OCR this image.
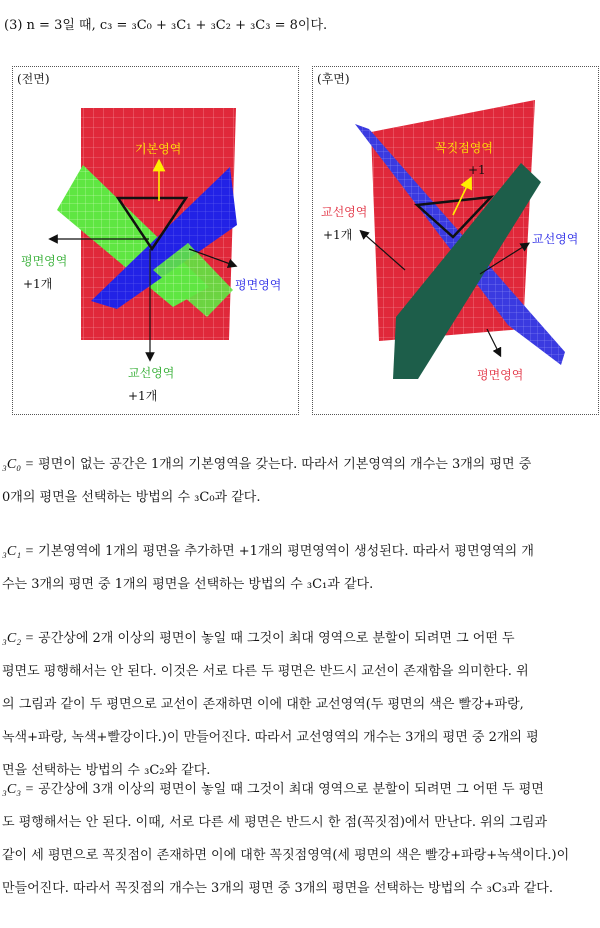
(3) n = 3일 때, c₃ = ₃C₀ + ₃C₁ + ₃C₂ + ₃C₃ = 8이다.
(전면)
기본영역
평면영역
+1개	평면영역
교선영역
+1개
(후면)
꼭짓점영역
+1
교선영역
+1개	교선영역
평면영역
₃C₀ = 평면이 없는 공간은 1개의 기본영역을 갖는다. 따라서 기본영역의 개수는 3개의 평면 중
0개의 평면을 선택하는 방법의 수 ₃C₀과 같다.
₃C₁ = 기본영역에 1개의 평면을 추가하면 +1개의 평면영역이 생성된다. 따라서 평면영역의 개
수는 3개의 평면 중 1개의 평면을 선택하는 방법의 수 ₃C₁과 같다.
₃C₂ = 공간상에 2개 이상의 평면이 놓일 때 그것이 최대 영역으로 분할이 되려면 그 어떤 두
평면도 평행해서는 안 된다. 이것은 서로 다른 두 평면은 반드시 교선이 존재함을 의미한다. 위
의 그림과 같이 두 평면으로 교선이 존재하면 이에 대한 교선영역(두 평면의 색은 빨강+파랑,
녹색+파랑, 녹색+빨강이다.)이 만들어진다. 따라서 교선영역의 개수는 3개의 평면 중 2개의 평
면을 선택하는 방법의 수 ₃C₂와 같다.
₃C₃ = 공간상에 3개 이상의 평면이 놓일 때 그것이 최대 영역으로 분할이 되려면 그 어떤 두 평면
도 평행해서는 안 된다. 이때, 서로 다른 세 평면은 반드시 한 점(꼭짓점)에서 만난다. 위의 그림과
같이 세 평면으로 꼭짓점이 존재하면 이에 대한 꼭짓점영역(세 평면의 색은 빨강+파랑+녹색이다.)이
만들어진다. 따라서 꼭짓점의 개수는 3개의 평면 중 3개의 평면을 선택하는 방법의 수 ₃C₃과 같다.
